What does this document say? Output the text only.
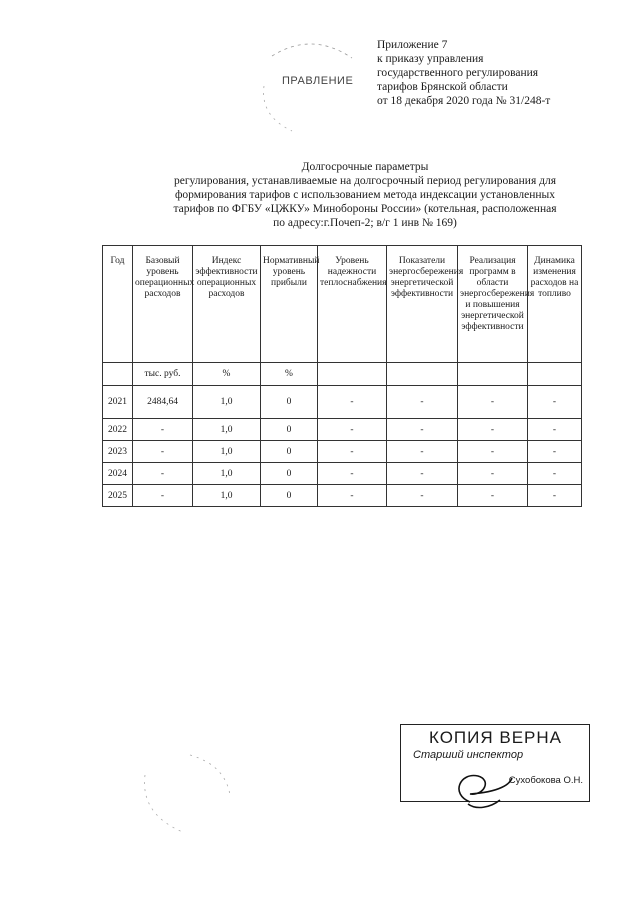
Приложение 7
к приказу управления
государственного регулирования
тарифов Брянской области
от 18 декабря 2020 года № 31/248-т
ПРАВЛЕНИЕ
Долгосрочные параметры
регулирования, устанавливаемые на долгосрочный период регулирования для
формирования тарифов с использованием метода индексации установленных
тарифов по ФГБУ «ЦЖКУ» Минобороны России» (котельная, расположенная
по адресу:г.Почеп-2; в/г 1 инв № 169)
Год	Базовый уровень операционных расходов	Индекс эффективности операционных расходов	Нормативный уровень прибыли	Уровень надежности теплоснабжения	Показатели энергосбережения энергетической эффективности	Реализация программ в области энергосбережения и повышения энергетической эффективности	Динамика изменения расходов на топливо
	тыс. руб.	%	%				
2021	2484,64	1,0	0	-	-	-	-
2022	-	1,0	0	-	-	-	-
2023	-	1,0	0	-	-	-	-
2024	-	1,0	0	-	-	-	-
2025	-	1,0	0	-	-	-	-
КОПИЯ ВЕРНА
Старший инспектор
Сухобокова О.Н.
